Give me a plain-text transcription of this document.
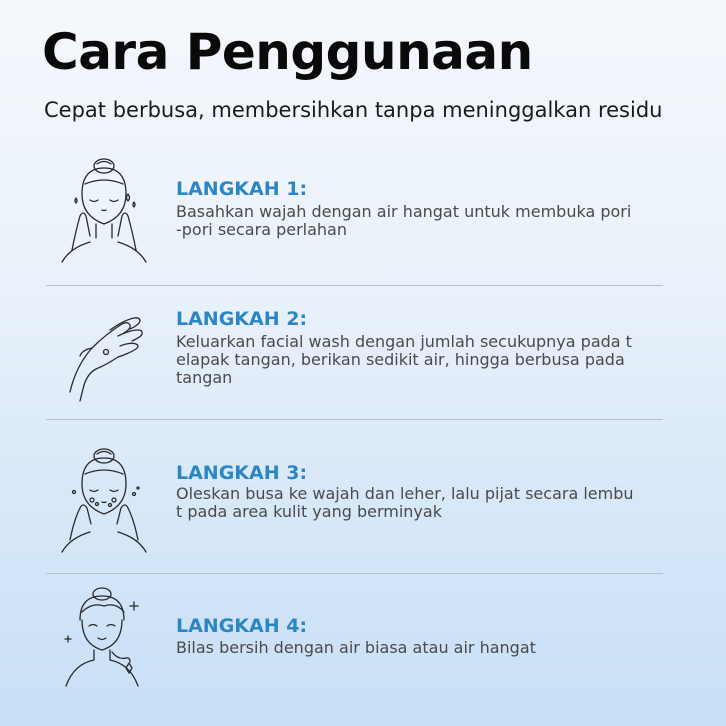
Cara Penggunaan
Cepat berbusa, membersihkan tanpa meninggalkan residu
LANGKAH 1:
Basahkan wajah dengan air hangat untuk membuka pori-pori secara perlahan
LANGKAH 2:
Keluarkan facial wash dengan jumlah secukupnya pada telapak tangan, berikan sedikit air, hingga berbusa pada tangan
LANGKAH 3:
Oleskan busa ke wajah dan leher, lalu pijat secara lembut pada area kulit yang berminyak
LANGKAH 4:
Bilas bersih dengan air biasa atau air hangat
